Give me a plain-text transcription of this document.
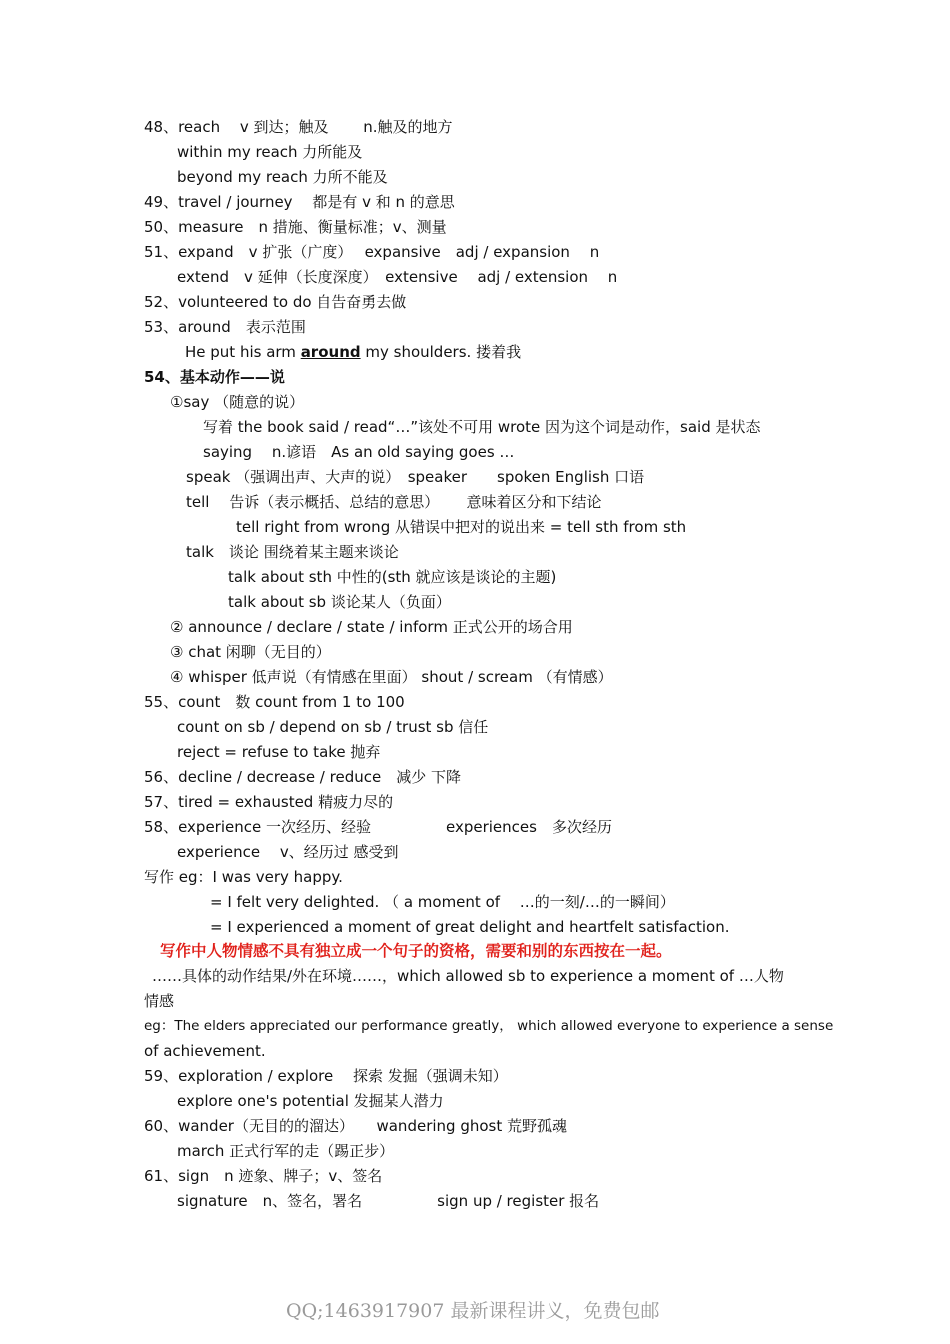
48、reach　 v 到达；触及　　 n.触及的地方
within my reach 力所能及
beyond my reach 力所不能及
49、travel / journey　 都是有 v 和 n 的意思
50、measure　n 措施、衡量标准；v、测量
51、expand　v 扩张（广度）　 expansive　adj / expansion　 n
extend　v 延伸（长度深度）　extensive　 adj / extension　 n
52、volunteered to do 自告奋勇去做
53、around　表示范围
He put his arm around my shoulders. 搂着我
54、基本动作——说
①say （随意的说）
写着 the book said / read“…”该处不可用 wrote 因为这个词是动作，said 是状态
saying　 n.谚语　As an old saying goes …
speak （强调出声、大声的说）　speaker　　spoken English 口语
tell　 告诉（表示概括、总结的意思）　　 意味着区分和下结论
tell right from wrong 从错误中把对的说出来 = tell sth from sth
talk　谈论 围绕着某主题来谈论
talk about sth 中性的(sth 就应该是谈论的主题)
talk about sb 谈论某人（负面）
② announce / declare / state / inform 正式公开的场合用
③ chat 闲聊（无目的）
④ whisper 低声说（有情感在里面） shout / scream （有情感）
55、count　数 count from 1 to 100
count on sb / depend on sb / trust sb 信任
reject = refuse to take 抛弃
56、decline / decrease / reduce　减少 下降
57、tired = exhausted 精疲力尽的
58、experience 一次经历、经验　　　　　experiences　多次经历
experience　 v、经历过 感受到
写作 eg：I was very happy.
= I felt very delighted. （ a moment of　 …的一刻/…的一瞬间）
= I experienced a moment of great delight and heartfelt satisfaction.
写作中人物情感不具有独立成一个句子的资格，需要和别的东西按在一起。
……具体的动作结果/外在环境……，which allowed sb to experience a moment of …人物
情感
eg：The elders appreciated our performance greatly， which allowed everyone to experience a sense
of achievement.
59、exploration / explore　 探索 发掘（强调未知）
explore one's potential 发掘某人潜力
60、wander（无目的的溜达）　　wandering ghost 荒野孤魂
march 正式行军的走（踢正步）
61、sign　n 迹象、牌子；v、签名
signature　n、签名，署名　　　　　sign up / register 报名
QQ;1463917907 最新课程讲义，免费包邮
